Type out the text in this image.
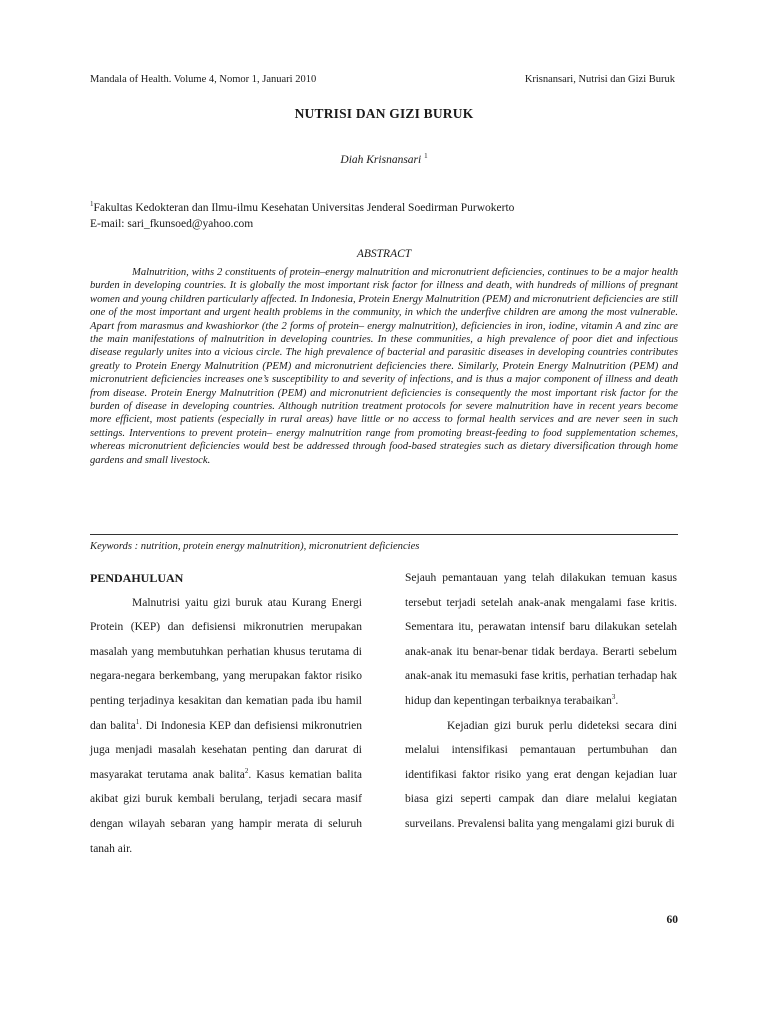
Mandala of Health. Volume 4, Nomor 1, Januari 2010	Krisnansari, Nutrisi dan Gizi Buruk
NUTRISI DAN GIZI BURUK
Diah Krisnansari $^1$
$^1$Fakultas Kedokteran dan Ilmu-ilmu Kesehatan Universitas Jenderal Soedirman Purwokerto
E-mail: sari_fkunsoed@yahoo.com
ABSTRACT

Malnutrition, withs 2 constituents of protein–energy malnutrition and micronutrient deficiencies, continues to be a major health burden in developing countries. It is globally the most important risk factor for illness and death, with hundreds of millions of pregnant women and young children particularly affected. In Indonesia, Protein Energy Malnutrition (PEM) and micronutrient deficiencies are still one of the most important and urgent health problems in the community, in which the underfive children are among the most vulnerable. Apart from marasmus and kwashiorkor (the 2 forms of protein– energy malnutrition), deficiencies in iron, iodine, vitamin A and zinc are the main manifestations of malnutrition in developing countries. In these communities, a high prevalence of poor diet and infectious disease regularly unites into a vicious circle. The high prevalence of bacterial and parasitic diseases in developing countries contributes greatly to Protein Energy Malnutrition (PEM) and micronutrient deficiencies there. Similarly, Protein Energy Malnutrition (PEM) and micronutrient deficiencies increases one’s susceptibility to and severity of infections, and is thus a major component of illness and death from disease. Protein Energy Malnutrition (PEM) and micronutrient deficiencies is consequently the most important risk factor for the burden of disease in developing countries. Although nutrition treatment protocols for severe malnutrition have in recent years become more efficient, most patients (especially in rural areas) have little or no access to formal health services and are never seen in such settings. Interventions to prevent protein– energy malnutrition range from promoting breast-feeding to food supplementation schemes, whereas micronutrient deficiencies would best be addressed through food-based strategies such as dietary diversification through home gardens and small livestock.

Keywords : nutrition, protein energy malnutrition), micronutrient deficiencies

PENDAHULUAN

Malnutrisi yaitu gizi buruk atau Kurang Energi Protein (KEP) dan defisiensi mikronutrien merupakan masalah yang membutuhkan perhatian khusus terutama di negara-negara berkembang, yang merupakan faktor risiko penting terjadinya kesakitan dan kematian pada ibu hamil dan balita$^1$. Di Indonesia KEP dan defisiensi mikronutrien juga menjadi masalah kesehatan penting dan darurat di masyarakat terutama anak balita$^2$. Kasus kematian balita akibat gizi buruk kembali berulang, terjadi secara masif dengan wilayah sebaran yang hampir merata di seluruh tanah air.

Sejauh pemantauan yang telah dilakukan temuan kasus tersebut terjadi setelah anak-anak mengalami fase kritis. Sementara itu, perawatan intensif baru dilakukan setelah anak-anak itu benar-benar tidak berdaya. Berarti sebelum anak-anak itu memasuki fase kritis, perhatian terhadap hak hidup dan kepentingan terbaiknya terabaikan$^3$.

Kejadian gizi buruk perlu dideteksi secara dini melalui intensifikasi pemantauan pertumbuhan dan identifikasi faktor risiko yang erat dengan kejadian luar biasa gizi seperti campak dan diare melalui kegiatan surveilans. Prevalensi balita yang mengalami gizi buruk di

60
